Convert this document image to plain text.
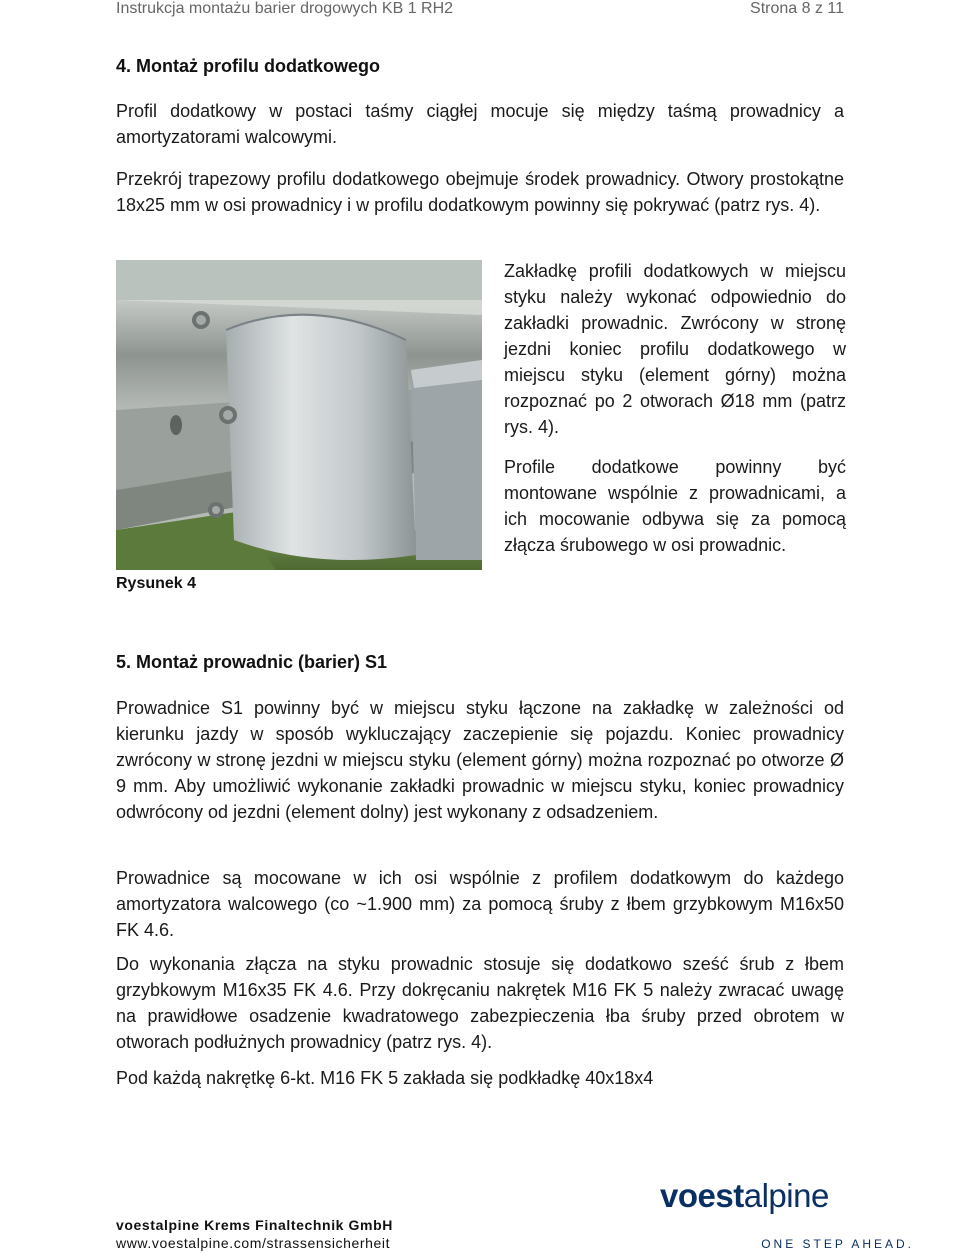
Instrukcja montażu barier drogowych KB 1 RH2	Strona 8 z 11
4. Montaż profilu dodatkowego

Profil dodatkowy w postaci taśmy ciągłej mocuje się między taśmą prowadnicy a amortyzatorami walcowymi.

Przekrój trapezowy profilu dodatkowego obejmuje środek prowadnicy. Otwory prostokątne 18x25 mm w osi prowadnicy i w profilu dodatkowym powinny się pokrywać (patrz rys. 4).

Rysunek 4

Zakładkę profili dodatkowych w miejscu styku należy wykonać odpowiednio do zakładki prowadnic. Zwrócony w stronę jezdni koniec profilu dodatkowego w miejscu styku (element górny) można rozpoznać po 2 otworach Ø18 mm (patrz rys. 4).

Profile dodatkowe powinny być montowane wspólnie z prowadnicami, a ich mocowanie odbywa się za pomocą złącza śrubowego w osi prowadnic.

5. Montaż prowadnic (barier) S1

Prowadnice S1 powinny być w miejscu styku łączone na zakładkę w zależności od kierunku jazdy w sposób wykluczający zaczepienie się pojazdu. Koniec prowadnicy zwrócony w stronę jezdni w miejscu styku (element górny) można rozpoznać po otworze Ø 9 mm. Aby umożliwić wykonanie zakładki prowadnic w miejscu styku, koniec prowadnicy odwrócony od jezdni (element dolny) jest wykonany z odsadzeniem.

Prowadnice są mocowane w ich osi wspólnie z profilem dodatkowym do każdego amortyzatora walcowego (co ~1.900 mm) za pomocą śruby z łbem grzybkowym M16x50 FK 4.6.

Do wykonania złącza na styku prowadnic stosuje się dodatkowo sześć śrub z łbem grzybkowym M16x35 FK 4.6. Przy dokręcaniu nakrętek M16 FK 5 należy zwracać uwagę na prawidłowe osadzenie kwadratowego zabezpieczenia łba śruby przed obrotem w otworach podłużnych prowadnicy (patrz rys. 4).

Pod każdą nakrętkę 6-kt. M16 FK 5 zakłada się podkładkę 40x18x4

voestalpine Krems Finaltechnik GmbH
www.voestalpine.com/strassensicherheit
voestalpine
ONE STEP AHEAD.
